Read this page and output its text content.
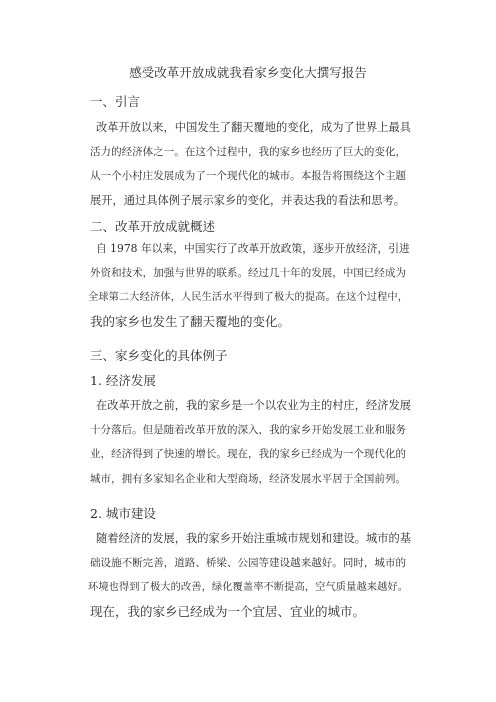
感受改革开放成就我看家乡变化大撰写报告
一、引言
改革开放以来，中国发生了翻天覆地的变化，成为了世界上最具
活力的经济体之一。在这个过程中，我的家乡也经历了巨大的变化，
从一个小村庄发展成为了一个现代化的城市。本报告将围绕这个主题
展开，通过具体例子展示家乡的变化，并表达我的看法和思考。
二、改革开放成就概述
自 1978 年以来，中国实行了改革开放政策，逐步开放经济，引进
外资和技术，加强与世界的联系。经过几十年的发展，中国已经成为
全球第二大经济体，人民生活水平得到了极大的提高。在这个过程中，
我的家乡也发生了翻天覆地的变化。
三、家乡变化的具体例子
1. 经济发展
在改革开放之前，我的家乡是一个以农业为主的村庄，经济发展
十分落后。但是随着改革开放的深入，我的家乡开始发展工业和服务
业，经济得到了快速的增长。现在，我的家乡已经成为一个现代化的
城市，拥有多家知名企业和大型商场，经济发展水平居于全国前列。
2. 城市建设
随着经济的发展，我的家乡开始注重城市规划和建设。城市的基
础设施不断完善，道路、桥梁、公园等建设越来越好。同时，城市的
环境也得到了极大的改善，绿化覆盖率不断提高，空气质量越来越好。
现在，我的家乡已经成为一个宜居、宜业的城市。
